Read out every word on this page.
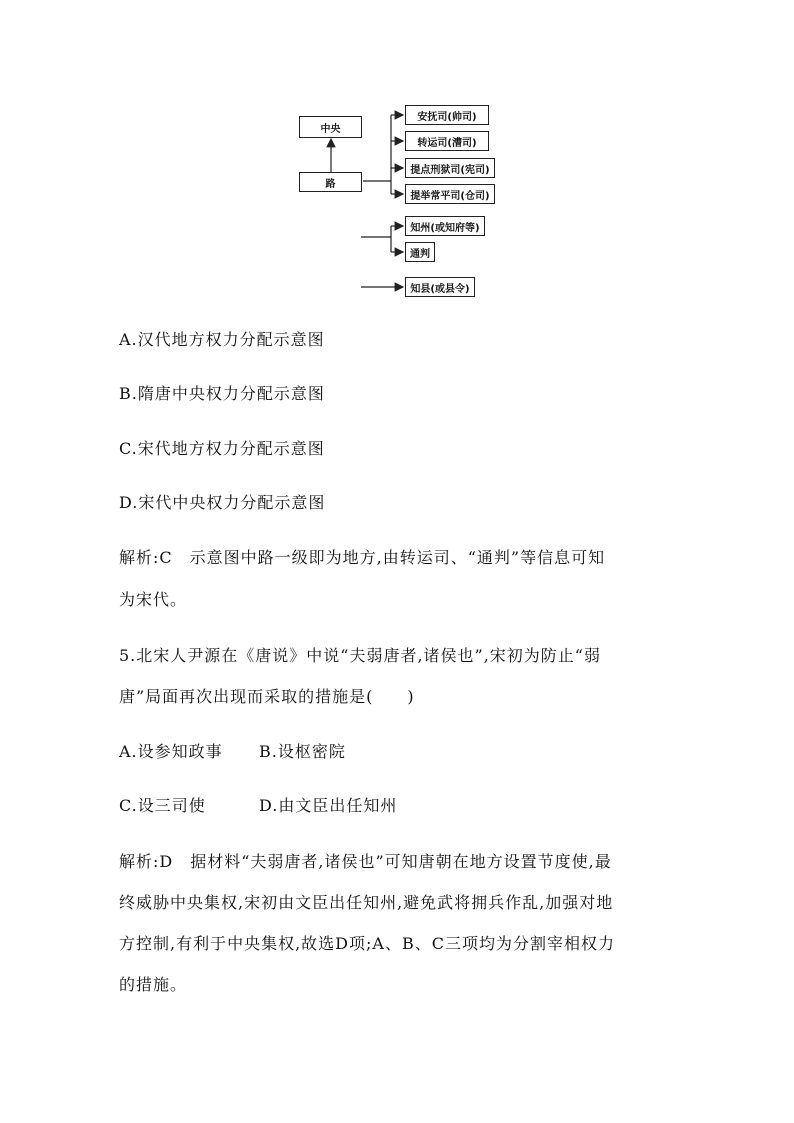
中央
路
安抚司(帅司)
转运司(漕司)
提点刑狱司(宪司)
提举常平司(仓司)
知州(或知府等)
通判
知县(或县令)
A.汉代地方权力分配示意图
B.隋唐中央权力分配示意图
C.宋代地方权力分配示意图
D.宋代中央权力分配示意图
解析:C　示意图中路一级即为地方,由转运司、“通判”等信息可知
为宋代。
5.北宋人尹源在《唐说》中说“夫弱唐者,诸侯也”,宋初为防止“弱
唐”局面再次出现而采取的措施是(　　)
A.设参知政事 B.设枢密院
C.设三司使	D.由文臣出任知州
解析:D　据材料“夫弱唐者,诸侯也”可知唐朝在地方设置节度使,最
终威胁中央集权,宋初由文臣出任知州,避免武将拥兵作乱,加强对地
方控制,有利于中央集权,故选D项;A、B、C三项均为分割宰相权力
的措施。
